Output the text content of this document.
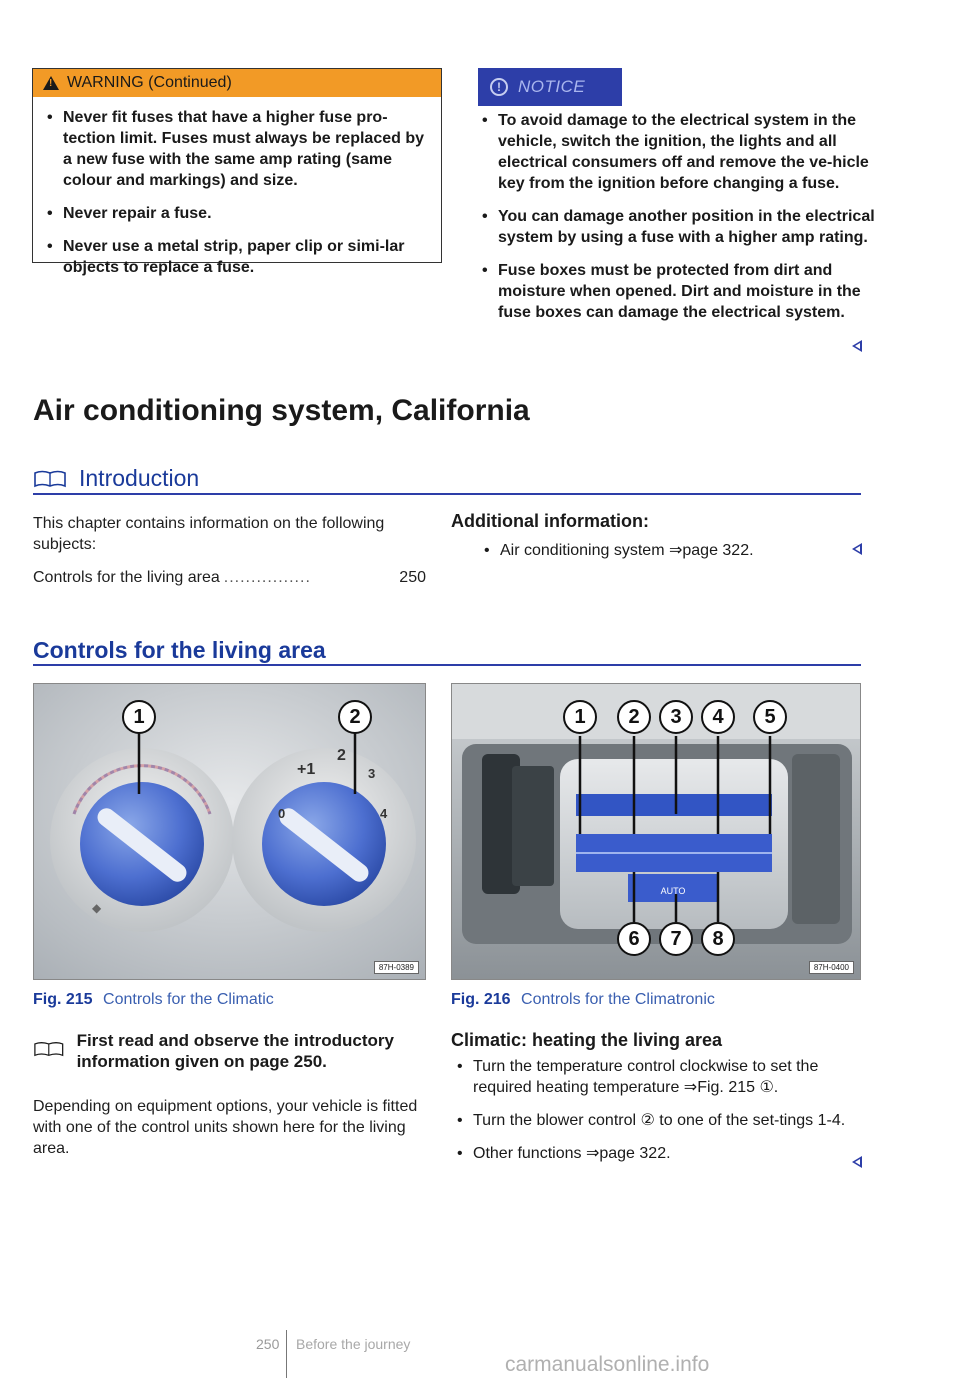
!
WARNING (Continued)

• Never fit fuses that have a higher fuse pro-tection limit. Fuses must always be replaced by a new fuse with the same amp rating (same colour and markings) and size.

• Never repair a fuse.

• Never use a metal strip, paper clip or simi-lar objects to replace a fuse.

!	NOTICE

• To avoid damage to the electrical system in the vehicle, switch the ignition, the lights and all electrical consumers off and remove the ve-hicle key from the ignition before changing a fuse.

• You can damage another position in the electrical system by using a fuse with a higher amp rating.

• Fuse boxes must be protected from dirt and moisture when opened. Dirt and moisture in the fuse boxes can damage the electrical system.

Air conditioning system, California
Introduction
This chapter contains information on the following subjects:
Controls for the living area ................	250
Additional information:

• Air conditioning system ⇒page 322.

Controls for the living area
◆
+1
2
3
4
0
1	2
87H-0389
Fig. 215 Controls for the Climatic
AUTO
1	2	3	4	5
6	7	8
87H-0400
Fig. 216 Controls for the Climatronic
First read and observe the introductory information given on page 250.
Depending on equipment options, your vehicle is fitted with one of the control units shown here for the living area.
Climatic: heating the living area

• Turn the temperature control clockwise to set the required heating temperature ⇒Fig. 215 ①.

• Turn the blower control ② to one of the set-tings 1-4.

• Other functions ⇒page 322.

250 Before the journey
carmanualsonline.info
